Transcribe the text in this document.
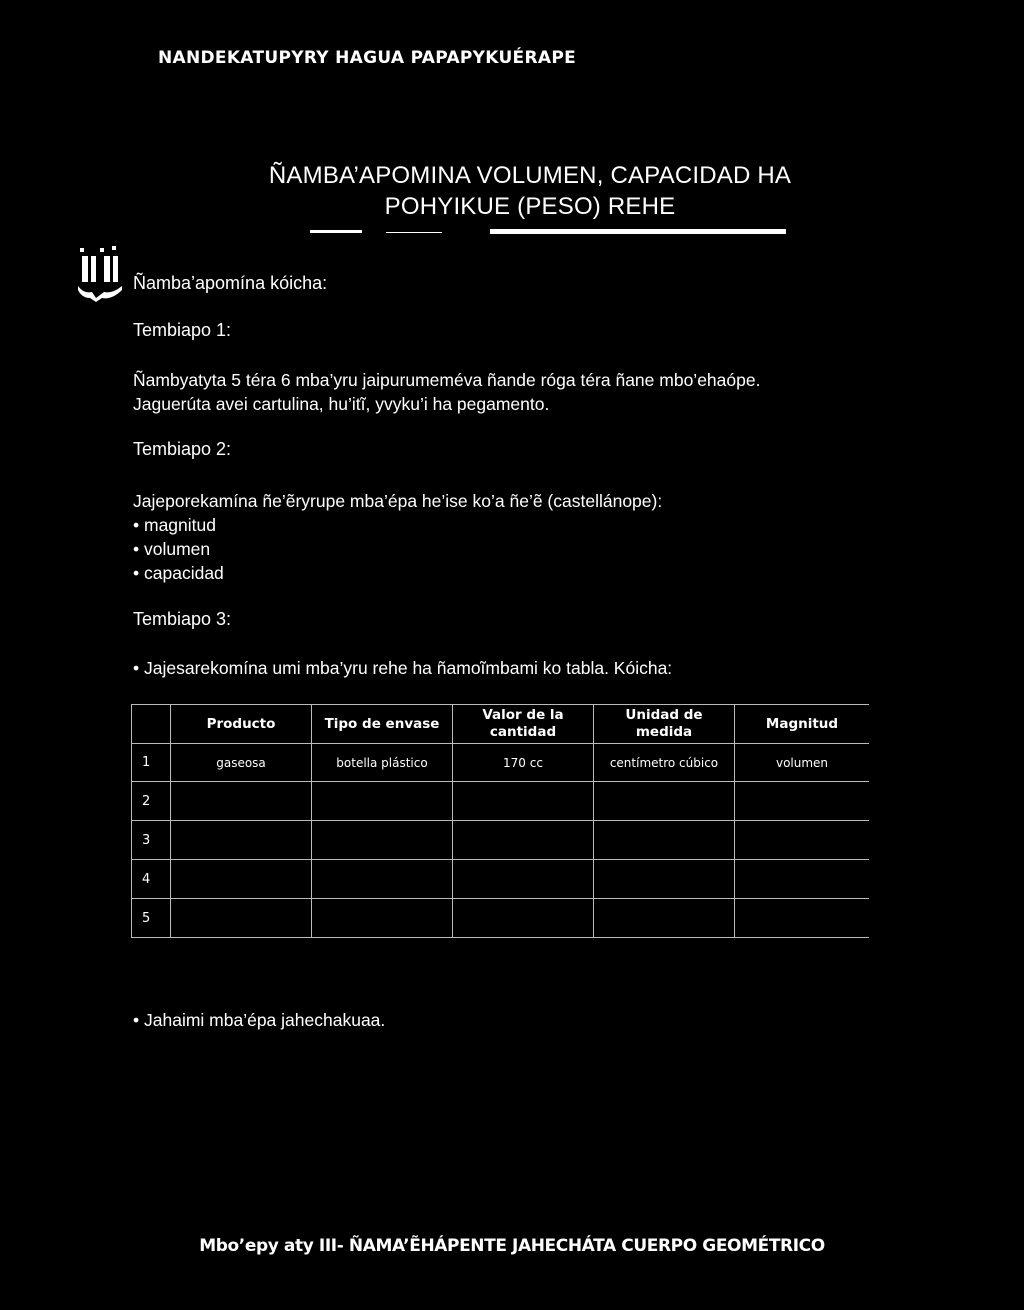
NANDEKATUPYRY HAGUA PAPAPYKUÉRAPE
ÑAMBA’APOMINA VOLUMEN, CAPACIDAD HA
POHYIKUE (PESO) REHE
Ñamba’apomína kóicha:
Tembiapo 1:
Ñambyatyta 5 téra 6 mba’yru jaipurumeméva ñande róga téra ñane mbo’ehaópe.
Jaguerúta avei cartulina, hu’itĩ, yvyku’i ha pegamento.
Tembiapo 2:
Jajeporekamína ñe’ẽryrupe mba’épa he’ise ko’a ñe’ẽ (castellánope):
• magnitud
• volumen
• capacidad
Tembiapo 3:
• Jajesarekomína umi mba’yru rehe ha ñamoĩmbami ko tabla. Kóicha:
	Producto	Tipo de envase	Valor de la cantidad	Unidad de medida	Magnitud
1	gaseosa	botella plástico	170 cc	centímetro cúbico	volumen
2					
3					
4					
5					
• Jahaimi mba’épa jahechakuaa.
Mbo’epy aty III- ÑAMA’ẼHÁPENTE JAHECHÁTA CUERPO GEOMÉTRICO
